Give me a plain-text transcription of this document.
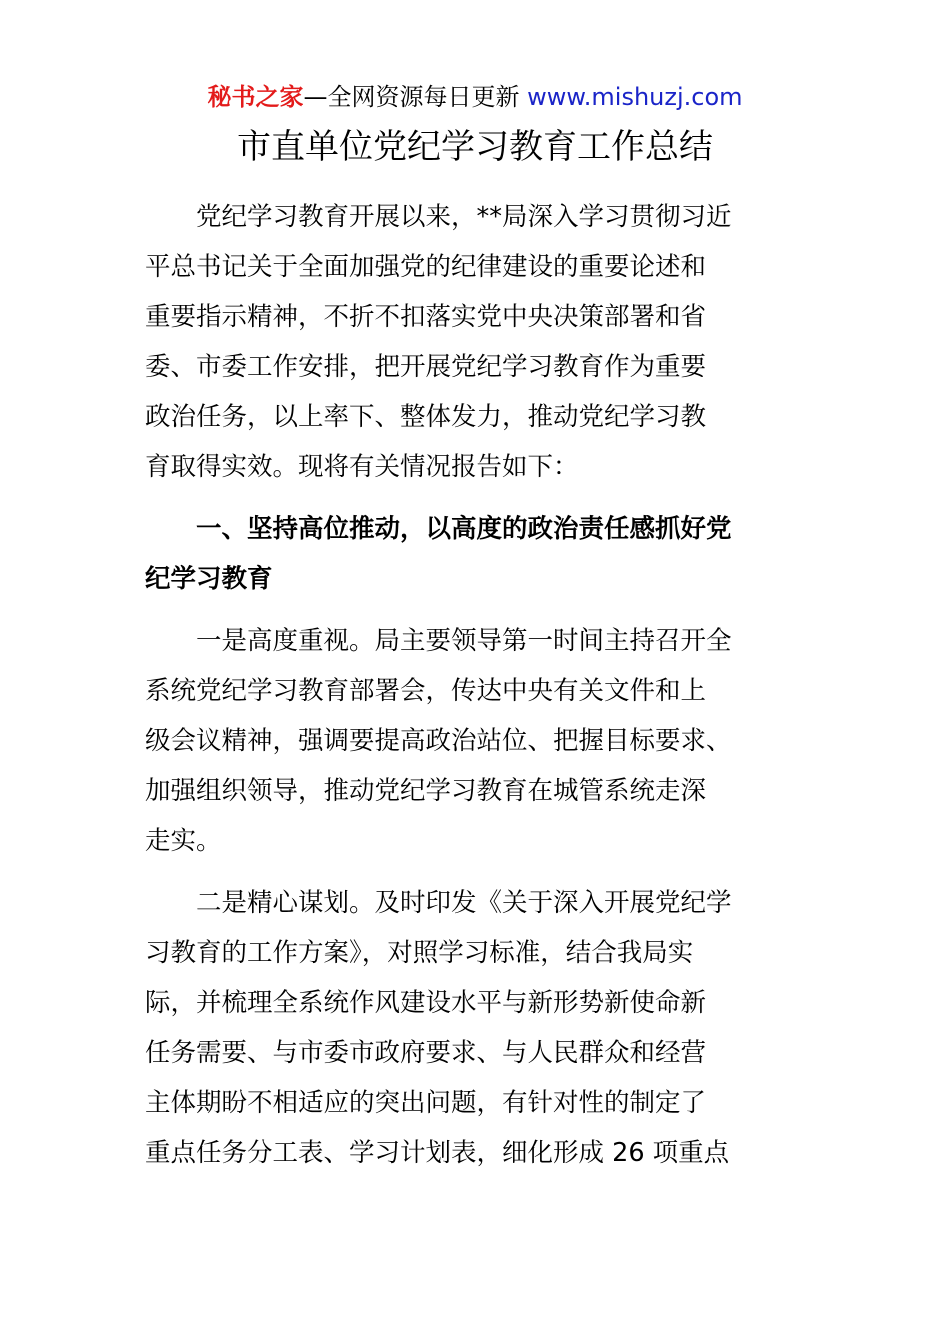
秘书之家—全网资源每日更新 www.mishuzj.com
市直单位党纪学习教育工作总结

　　党纪学习教育开展以来，**局深入学习贯彻习近
平总书记关于全面加强党的纪律建设的重要论述和
重要指示精神，不折不扣落实党中央决策部署和省
委、市委工作安排，把开展党纪学习教育作为重要
政治任务，以上率下、整体发力，推动党纪学习教
育取得实效。现将有关情况报告如下：

　　一、坚持高位推动，以高度的政治责任感抓好党
纪学习教育

　　一是高度重视。局主要领导第一时间主持召开全
系统党纪学习教育部署会，传达中央有关文件和上
级会议精神，强调要提高政治站位、把握目标要求、
加强组织领导，推动党纪学习教育在城管系统走深
走实。

　　二是精心谋划。及时印发《关于深入开展党纪学
习教育的工作方案》，对照学习标准，结合我局实
际，并梳理全系统作风建设水平与新形势新使命新
任务需要、与市委市政府要求、与人民群众和经营
主体期盼不相适应的突出问题，有针对性的制定了
重点任务分工表、学习计划表，细化形成 26 项重点
